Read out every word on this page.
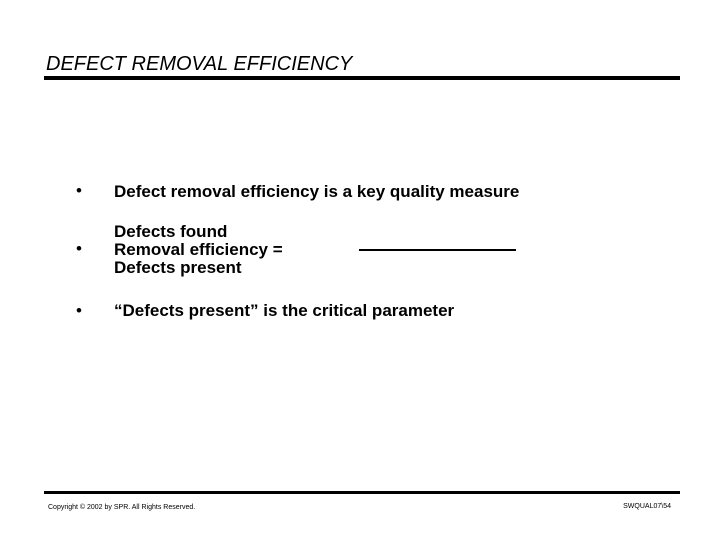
DEFECT REMOVAL EFFICIENCY
• Defect removal efficiency is a key quality measure
•
Defects found
Removal efficiency =
Defects present
• “Defects present” is the critical parameter
Copyright © 2002 by SPR. All Rights Reserved.	SWQUAL07\54
